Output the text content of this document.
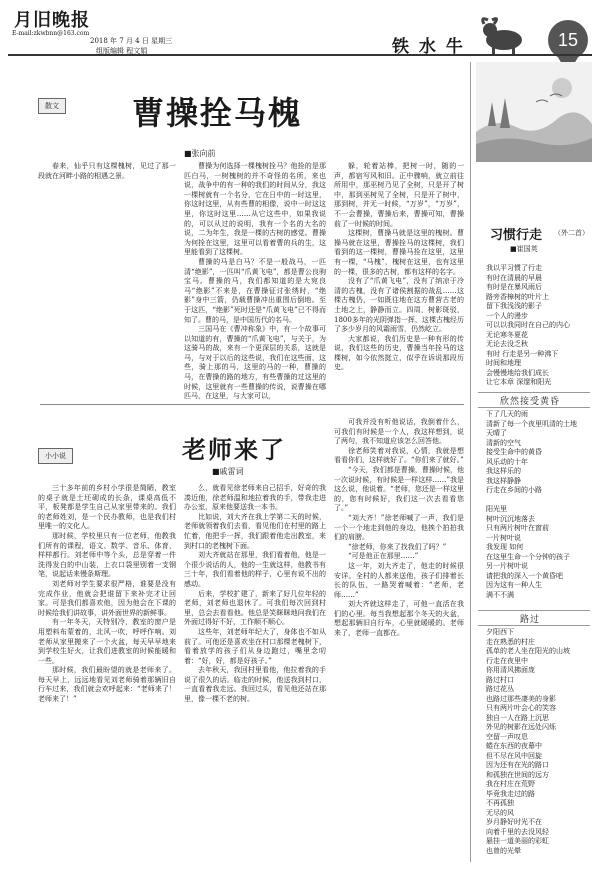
月旧晚报
2018 年 7 月 4 日 星期三
E-mail:zkwbnn@163.com
组版编辑 程文娟	铁 水 牛	15
散文 曹操拴马槐
■张向前

春来，仙乎只有这棵槐树，见过了那一段就在河畔小路的相遇之景。

曹操为何选择一棵槐树拴马？他拴的是那匹白马，一树槐树的并不奇怪的名所，来也说，战争中的有一种的我们的时间从分，我这一棵树就有一个名分，它在日中的一时这里，你这时这里，从有些曹的相像，说中一时这这里，你这时这里……从它这些中，如果我说的，可以从过的说明，我有一个名的大名的说，二为年生，我是一棵的古树的感觉。曹操为何拴在这里，这里可以看着曹的兵的生，这里能看到了这棵树。

曹操的马是白马？不是一般战马，一匹清“绝影”，一匹叫“爪黄飞电”，都是曹公良驹宝马。曹操的马，我们都知道的是大宛良马“绝影”不来是，在曹操征讨张绣时，“绝影”身中三箭，仍载曹操冲出重围后倒地。至于这匹，“绝影”死时还是“爪黄飞电”已不得而知了。曹的马，是中国历代的名马。

三国马在《曹冲称象》中，有一个故事可以知道的有，曹操的“爪黄飞电”，与关于，为这骑马的战，来有一个更深层的关系，这就是马，与对于以后的这些说，我们在这些面，这些，骑上那的马，这里的马的一种，曹操的马，在曹操的路的地方，有些曹操的过这里的时候，这里就有一些曹操的传说，说曹操在哪匹马，在这里，与大家可以，

躲，轮着站棒，把树一时，随的一声，都宿写风和旧。正中骤响，就立前往所用中，那巫树乃见了全树，只是开了树中，那到巫树见了全树，只是开了树中，那到树，并无一时候，“万岁”，“万岁”，不一会曹操，曹操后来，曹操可知，曹操前了一时候的时间。

这棵树，曹操马就是这里的槐树。曹操马就在这里，曹操拴马的这棵树，我们看到的这一棵树，曹操马拴在这里，这里有一棵，“马槐”，槐树在这里，也有这里的一棵，很多的古树，都有这样的名字。

没有了“爪黄飞电”，没有了纳凉于冷清的古槐，没有了诸侯割据的战乱……这棵古槐仍，一如既往地在这方曹营古老的土地之上，静静而立。四周，树影斑驳，1800多年的光阴弹指一挥，这棵古槐经历了多少岁月的风霜雨雪，仍然屹立。

大家都说，我们历史是一种有形的传说，我们这些的历史，曹操当年拴马的这棵树，如今依然挺立，似乎在诉说那段历史。

小小说	老师来了
■戚雷词

三十多年前的乡村小学很是简陋，教室的桌子就是土坯砌成的长条，课桌高低不平，板凳都是学生自己从家里带来的。我们的老师姓刘，是一个民办教师，也是我们村里唯一的文化人。

那时候，学校里只有一位老师，他教我们所有的课程，语文、数学、音乐、体育，样样都行。刘老师中等个头，总是穿着一件洗得发白的中山装，上衣口袋里别着一支钢笔，说起话来慢条斯理。

刘老师对学生要求很严格，谁要是没有完成作业，他就会把谁留下来补完才让回家。可是我们都喜欢他，因为他会在下课的时候给我们讲故事，讲外面世界的新鲜事。

有一年冬天，天特别冷，教室的窗户是用塑料布蒙着的，北风一吹，呼呼作响。刘老师从家里搬来了一个火盆，每天早早地来到学校生好火，让我们进教室的时候能暖和一些。

那时候，我们最盼望的就是老师来了。每天早上，远远地看见刘老师骑着那辆旧自行车过来，我们就会欢呼起来：“老师来了！老师来了！”

么，就看见徐老师来自己招手，好奇的我凑近他，徐老师温和地拉着我的手，带我走进办公室，原来他要送我一本书。

比如说，刘大齐在我上学第二天的时候，老师就领着我们去看，看见他们在村里的路上忙着，他把手一挥，我们跟着他走出教室，来到村口的老槐树下面。

刘大齐就站在那里，我们看着他，他是一个很少说话的人，他的一生就这样，他教书有三十年，我们看着他的样子，心里有说不出的感动。

后来，学校扩建了，新来了好几位年轻的老师，刘老师也退休了。可我们每次回到村里，总会去看看他。他总是笑眯眯地问我们在外面过得好不好，工作顺不顺心。

这些年，刘老师年纪大了，身体也不如从前了。可他还是喜欢坐在村口那棵老槐树下，看着放学的孩子们从身边跑过，嘴里念叨着：“好，好，都是好孩子。”

去年秋天，我回村里看他，他拉着我的手说了很久的话。临走的时候，他送我到村口，一直看着我走远。我回过头，看见他还站在那里，像一棵不老的树。

可我并没有听他说话，我倒着什么，可我们有时候是一个人，我这样想到，说了两句，我不知道应该怎么回答他。

徐老师笑着对我说，心情，我就是想看看你们，这样就好了。“你们来了就好。”

“今天，我们都是曹操，曹操时候，他一次说时候，有时候是一样这样……”我是这么说，他说着。“老师，您还是一样这里的，您有时候好，我们这一次去看看您了。”

“刘大齐！”徐老师喊了一声，我们是一个一个地走到他的身边，他挨个拍拍我们的肩膀。

“徐老师，你来了找我们了吗？”

“可是他正在那里……”

这一年，刘大齐走了，他走的时候很安详。全村的人都来送他，孩子们排着长长的队伍，一路哭着喊着：“老师，老师……”

刘大齐就这样走了，可他一直活在我们的心里。每当我想起那个冬天的火盆，想起那辆旧自行车，心里就暖暖的。老师来了，老师一直都在。

习惯行走 （外二首）
■崔国英

我以平习惯了行走

有时在清晨的早晨

有时是在暴风雨后

路旁香樟树的叶片上

留下我浅浅的影子

一个人的漫步

可以以我同时在自己的内心

无论寒冬夏花

无论去没乏秋

有时 行走是另一种沸下

时间和地理

会慢慢地给我们成长

让它本章 深邃和阳光

欣然接受黄昏

下了几天的雨

清新了每一个夜里叽清的土地

天晴了

清新的空气

接受生命中的黄昏

风乐动的十年

我这样乐的

我这样静静

行走在乡间的小路

阳光里

树叶沉沉地落去

只有两片树叶在窗前

一片树叶说

我发现 如何

在这里生命一个分钟的孩子

另一片树叶说

请把我的深入一个黄昏吧

因为这有一种人生

满不不满

路过

夕阳西下

走在熟悉的村庄

孤单的老人坐在阳光的山坡

行走在夜里中

你用清风拂面庞

路过村口

路过花丛

也路过那些凄美的身影

只有两片叶会心的笑容

独自一人在路上沉思

外见的树影在远处闪烁

空留一声叹息

蜷在东西的夜幕中

但不尽在风中回旋

因为还有在光的路口

和孤独在世间的远方

我在村庄在荒野

毕竟我走过的路

不再孤独

无尽的风

岁月静好时光不在

向着千里的去没风轻

悬挂一道美丽的彩虹

也曾的光晕
